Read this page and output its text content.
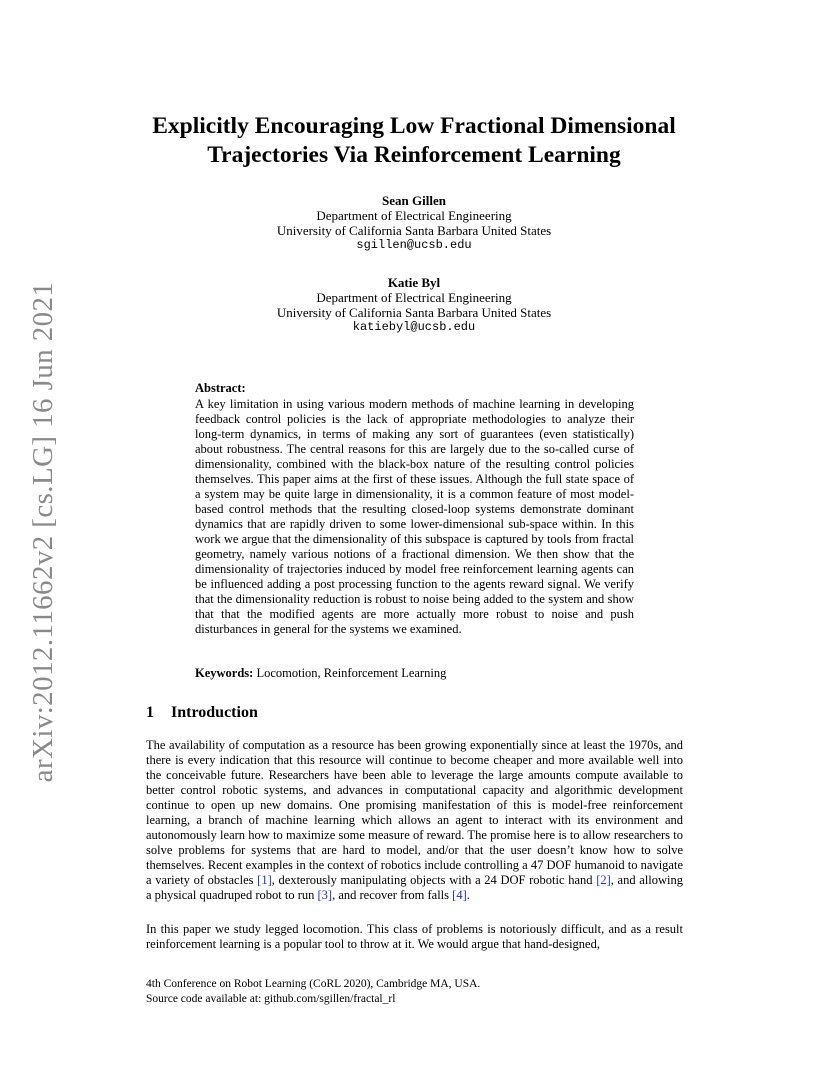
arXiv:2012.11662v2 [cs.LG] 16 Jun 2021
Explicitly Encouraging Low Fractional Dimensional
Trajectories Via Reinforcement Learning
Sean Gillen
Department of Electrical Engineering
University of California Santa Barbara United States
sgillen@ucsb.edu
Katie Byl
Department of Electrical Engineering
University of California Santa Barbara United States
katiebyl@ucsb.edu
Abstract:
A key limitation in using various modern methods of machine learning in developing feedback control policies is the lack of appropriate methodologies to analyze their long-term dynamics, in terms of making any sort of guarantees (even statistically) about robustness. The central reasons for this are largely due to the so-called curse of dimensionality, combined with the black-box nature of the resulting control policies themselves. This paper aims at the first of these issues. Although the full state space of a system may be quite large in dimensionality, it is a common feature of most model-based control methods that the resulting closed-loop systems demonstrate dominant dynamics that are rapidly driven to some lower-dimensional sub-space within. In this work we argue that the dimensionality of this subspace is captured by tools from fractal geometry, namely various notions of a fractional dimension. We then show that the dimensionality of trajectories induced by model free reinforcement learning agents can be influenced adding a post processing function to the agents reward signal. We verify that the dimensionality reduction is robust to noise being added to the system and show that that the modified agents are more actually more robust to noise and push disturbances in general for the systems we examined.
Keywords: Locomotion, Reinforcement Learning
1 Introduction
The availability of computation as a resource has been growing exponentially since at least the 1970s, and there is every indication that this resource will continue to become cheaper and more available well into the conceivable future. Researchers have been able to leverage the large amounts compute available to better control robotic systems, and advances in computational capacity and algorithmic development continue to open up new domains. One promising manifestation of this is model-free reinforcement learning, a branch of machine learning which allows an agent to interact with its environment and autonomously learn how to maximize some measure of reward. The promise here is to allow researchers to solve problems for systems that are hard to model, and/or that the user doesn’t know how to solve themselves. Recent examples in the context of robotics include controlling a 47 DOF humanoid to navigate a variety of obstacles [1], dexterously manipulating objects with a 24 DOF robotic hand [2], and allowing a physical quadruped robot to run [3], and recover from falls [4].
In this paper we study legged locomotion. This class of problems is notoriously difficult, and as a result reinforcement learning is a popular tool to throw at it. We would argue that hand-designed,
4th Conference on Robot Learning (CoRL 2020), Cambridge MA, USA.
Source code available at: github.com/sgillen/fractal_rl
